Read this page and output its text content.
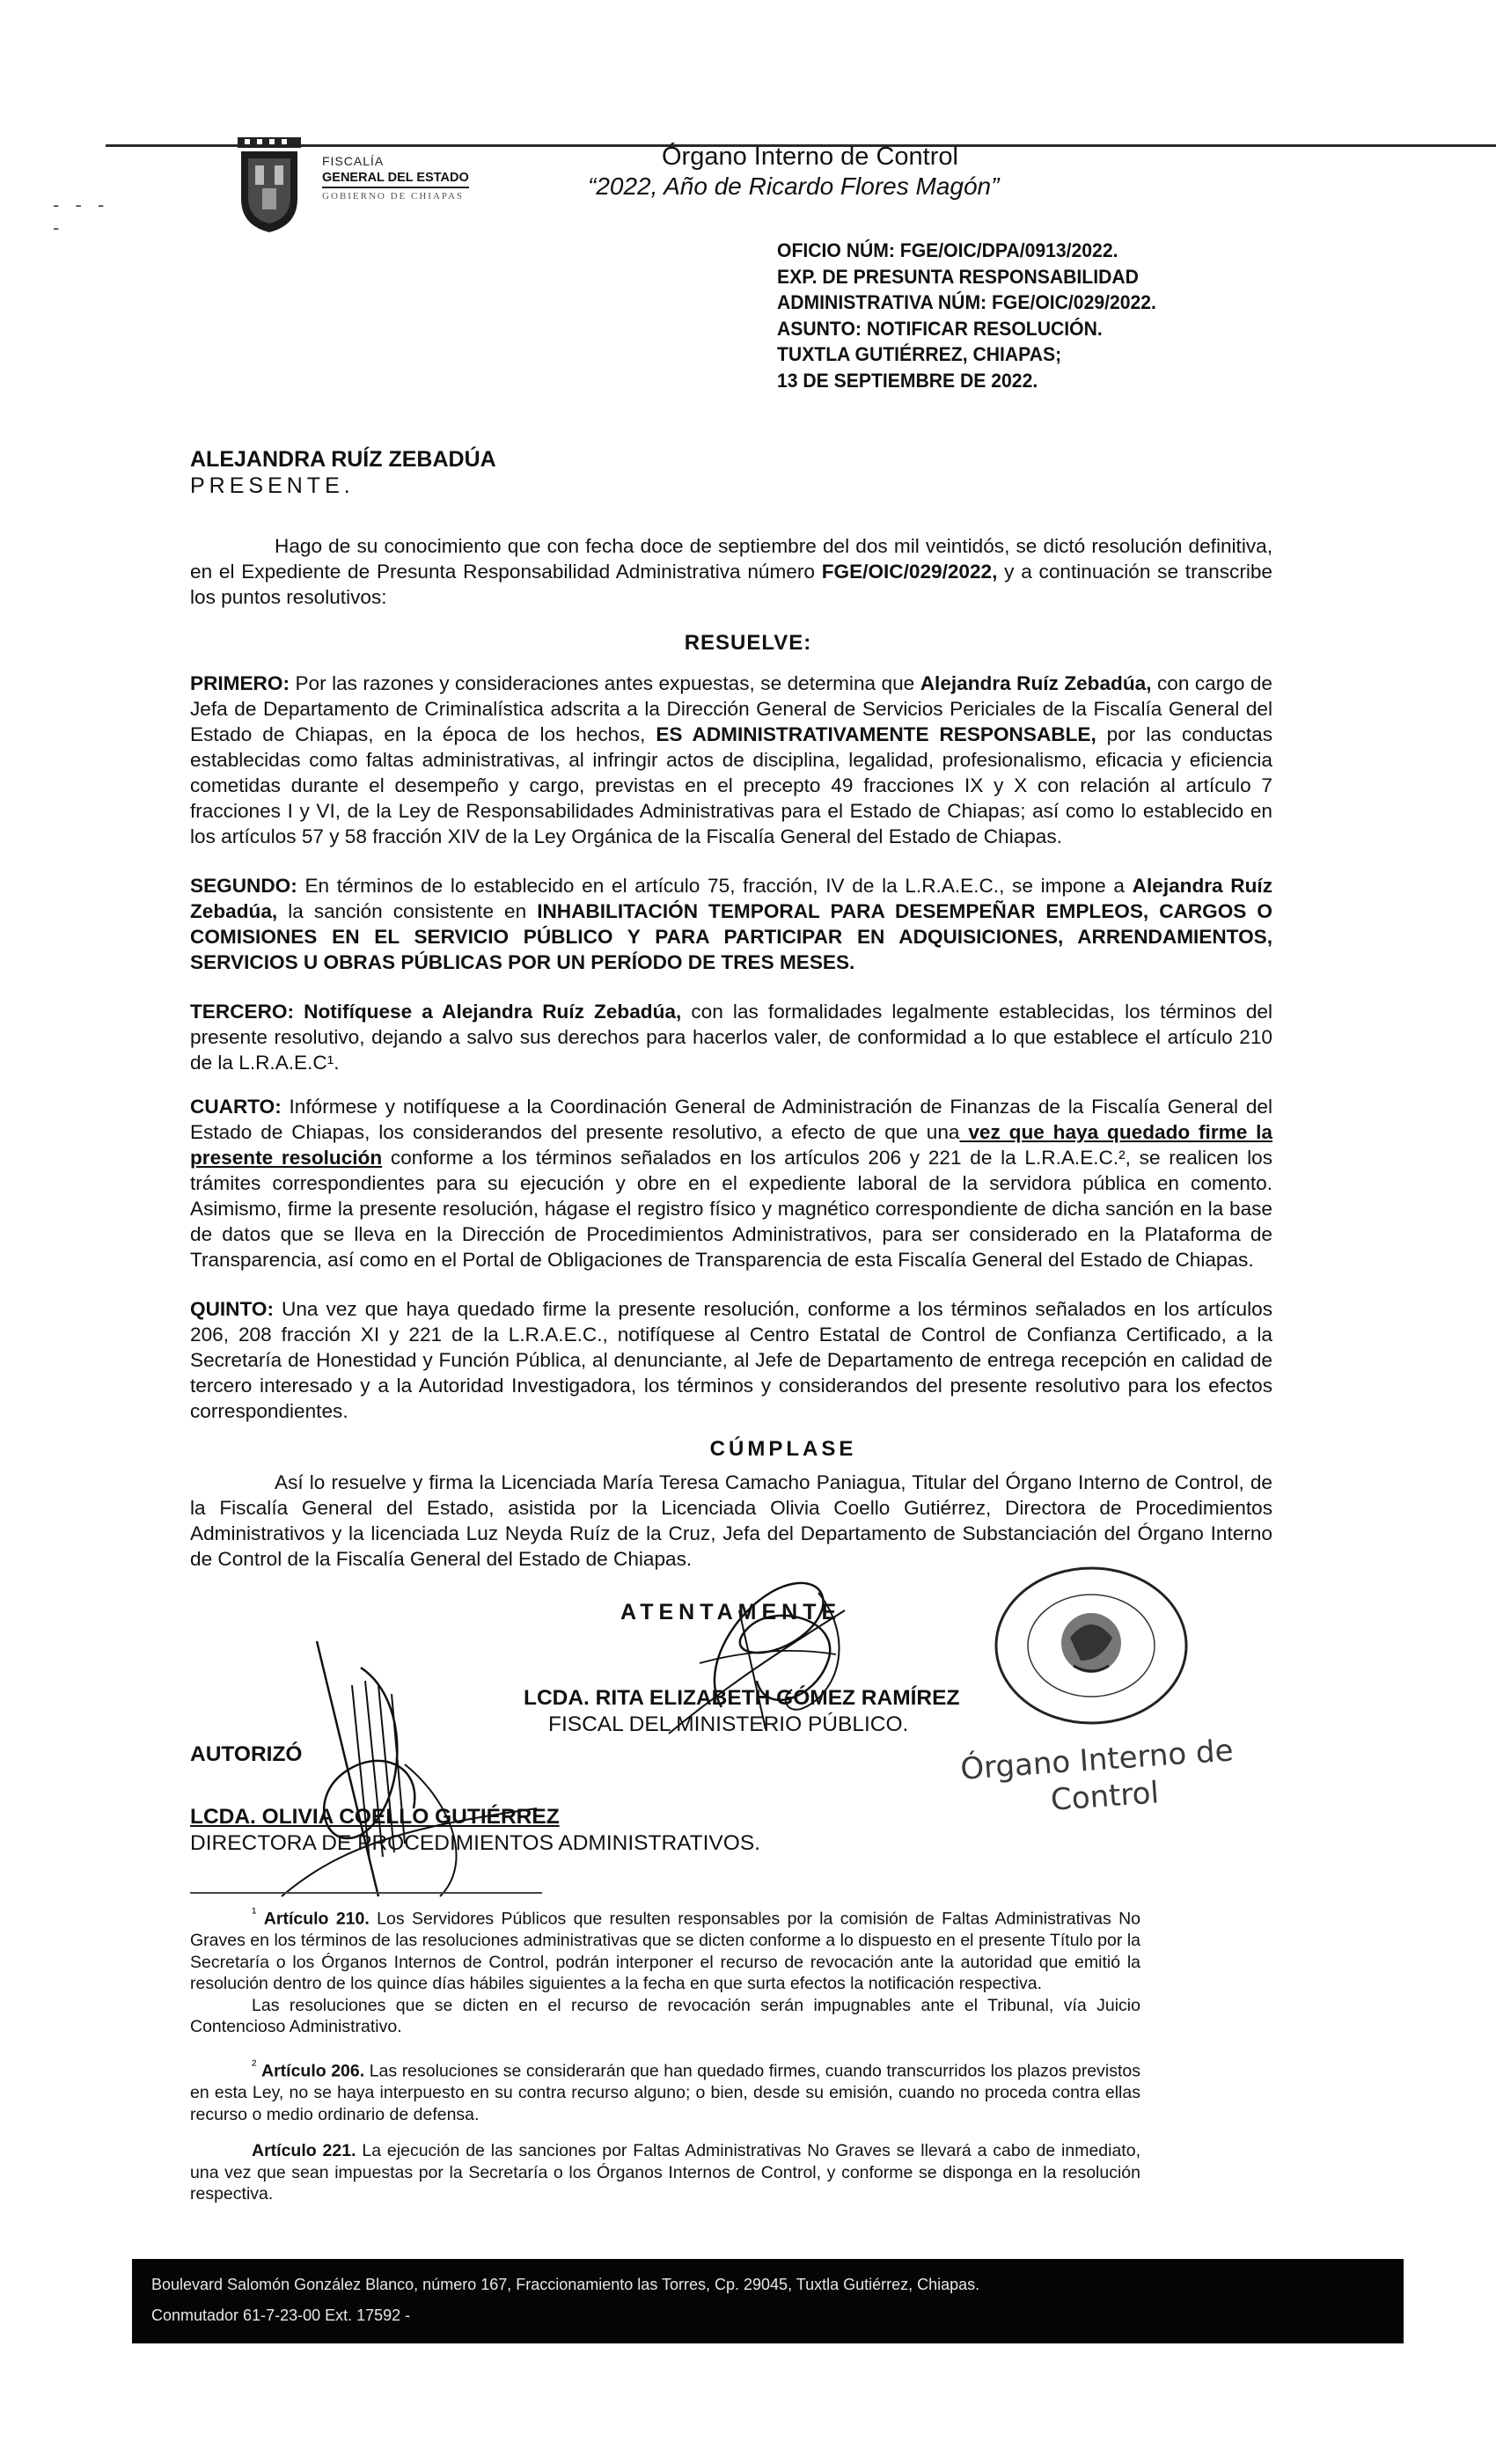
- - - -
FISCALÍA
GENERAL DEL ESTADO
GOBIERNO DE CHIAPAS
Órgano Interno de Control
“2022, Año de Ricardo Flores Magón”
OFICIO NÚM: FGE/OIC/DPA/0913/2022.
EXP. DE PRESUNTA RESPONSABILIDAD
ADMINISTRATIVA NÚM: FGE/OIC/029/2022.
ASUNTO: NOTIFICAR RESOLUCIÓN.
TUXTLA GUTIÉRREZ, CHIAPAS;
13 DE SEPTIEMBRE DE 2022.
ALEJANDRA RUÍZ ZEBADÚA
PRESENTE.

Hago de su conocimiento que con fecha doce de septiembre del dos mil veintidós, se dictó resolución definitiva, en el Expediente de Presunta Responsabilidad Administrativa número FGE/OIC/029/2022, y a continuación se transcribe los puntos resolutivos:

RESUELVE:

PRIMERO: Por las razones y consideraciones antes expuestas, se determina que Alejandra Ruíz Zebadúa, con cargo de Jefa de Departamento de Criminalística adscrita a la Dirección General de Servicios Periciales de la Fiscalía General del Estado de Chiapas, en la época de los hechos, ES ADMINISTRATIVAMENTE RESPONSABLE, por las conductas establecidas como faltas administrativas, al infringir actos de disciplina, legalidad, profesionalismo, eficacia y eficiencia cometidas durante el desempeño y cargo, previstas en el precepto 49 fracciones IX y X con relación al artículo 7 fracciones I y VI, de la Ley de Responsabilidades Administrativas para el Estado de Chiapas; así como lo establecido en los artículos 57 y 58 fracción XIV de la Ley Orgánica de la Fiscalía General del Estado de Chiapas.

SEGUNDO: En términos de lo establecido en el artículo 75, fracción, IV de la L.R.A.E.C., se impone a Alejandra Ruíz Zebadúa, la sanción consistente en INHABILITACIÓN TEMPORAL PARA DESEMPEÑAR EMPLEOS, CARGOS O COMISIONES EN EL SERVICIO PÚBLICO Y PARA PARTICIPAR EN ADQUISICIONES, ARRENDAMIENTOS, SERVICIOS U OBRAS PÚBLICAS POR UN PERÍODO DE TRES MESES.

TERCERO: Notifíquese a Alejandra Ruíz Zebadúa, con las formalidades legalmente establecidas, los términos del presente resolutivo, dejando a salvo sus derechos para hacerlos valer, de conformidad a lo que establece el artículo 210 de la L.R.A.E.C¹.

CUARTO: Infórmese y notifíquese a la Coordinación General de Administración de Finanzas de la Fiscalía General del Estado de Chiapas, los considerandos del presente resolutivo, a efecto de que una vez que haya quedado firme la presente resolución conforme a los términos señalados en los artículos 206 y 221 de la L.R.A.E.C.², se realicen los trámites correspondientes para su ejecución y obre en el expediente laboral de la servidora pública en comento. Asimismo, firme la presente resolución, hágase el registro físico y magnético correspondiente de dicha sanción en la base de datos que se lleva en la Dirección de Procedimientos Administrativos, para ser considerado en la Plataforma de Transparencia, así como en el Portal de Obligaciones de Transparencia de esta Fiscalía General del Estado de Chiapas.

QUINTO: Una vez que haya quedado firme la presente resolución, conforme a los términos señalados en los artículos 206, 208 fracción XI y 221 de la L.R.A.E.C., notifíquese al Centro Estatal de Control de Confianza Certificado, a la Secretaría de Honestidad y Función Pública, al denunciante, al Jefe de Departamento de entrega recepción en calidad de tercero interesado y a la Autoridad Investigadora, los términos y considerandos del presente resolutivo para los efectos correspondientes.

CÚMPLASE

Así lo resuelve y firma la Licenciada María Teresa Camacho Paniagua, Titular del Órgano Interno de Control, de la Fiscalía General del Estado, asistida por la Licenciada Olivia Coello Gutiérrez, Directora de Procedimientos Administrativos y la licenciada Luz Neyda Ruíz de la Cruz, Jefa del Departamento de Substanciación del Órgano Interno de Control de la Fiscalía General del Estado de Chiapas.

ATENTAMENTE
LCDA. RITA ELIZABETH GÓMEZ RAMÍREZ
FISCAL DEL MINISTERIO PÚBLICO.
AUTORIZÓ
LCDA. OLIVIA COELLO GUTIÉRREZ
DIRECTORA DE PROCEDIMIENTOS ADMINISTRATIVOS.
Órgano Interno de
Control

$^{^1}$ Artículo 210. Los Servidores Públicos que resulten responsables por la comisión de Faltas Administrativas No Graves en los términos de las resoluciones administrativas que se dicten conforme a lo dispuesto en el presente Título por la Secretaría o los Órganos Internos de Control, podrán interponer el recurso de revocación ante la autoridad que emitió la resolución dentro de los quince días hábiles siguientes a la fecha en que surta efectos la notificación respectiva.

Las resoluciones que se dicten en el recurso de revocación serán impugnables ante el Tribunal, vía Juicio Contencioso Administrativo.

$^{^2}$ Artículo 206. Las resoluciones se considerarán que han quedado firmes, cuando transcurridos los plazos previstos en esta Ley, no se haya interpuesto en su contra recurso alguno; o bien, desde su emisión, cuando no proceda contra ellas recurso o medio ordinario de defensa.

Artículo 221. La ejecución de las sanciones por Faltas Administrativas No Graves se llevará a cabo de inmediato, una vez que sean impuestas por la Secretaría o los Órganos Internos de Control, y conforme se disponga en la resolución respectiva.

Boulevard Salomón González Blanco, número 167, Fraccionamiento las Torres, Cp. 29045, Tuxtla Gutiérrez, Chiapas.
Conmutador 61-7-23-00 Ext. 17592 -
